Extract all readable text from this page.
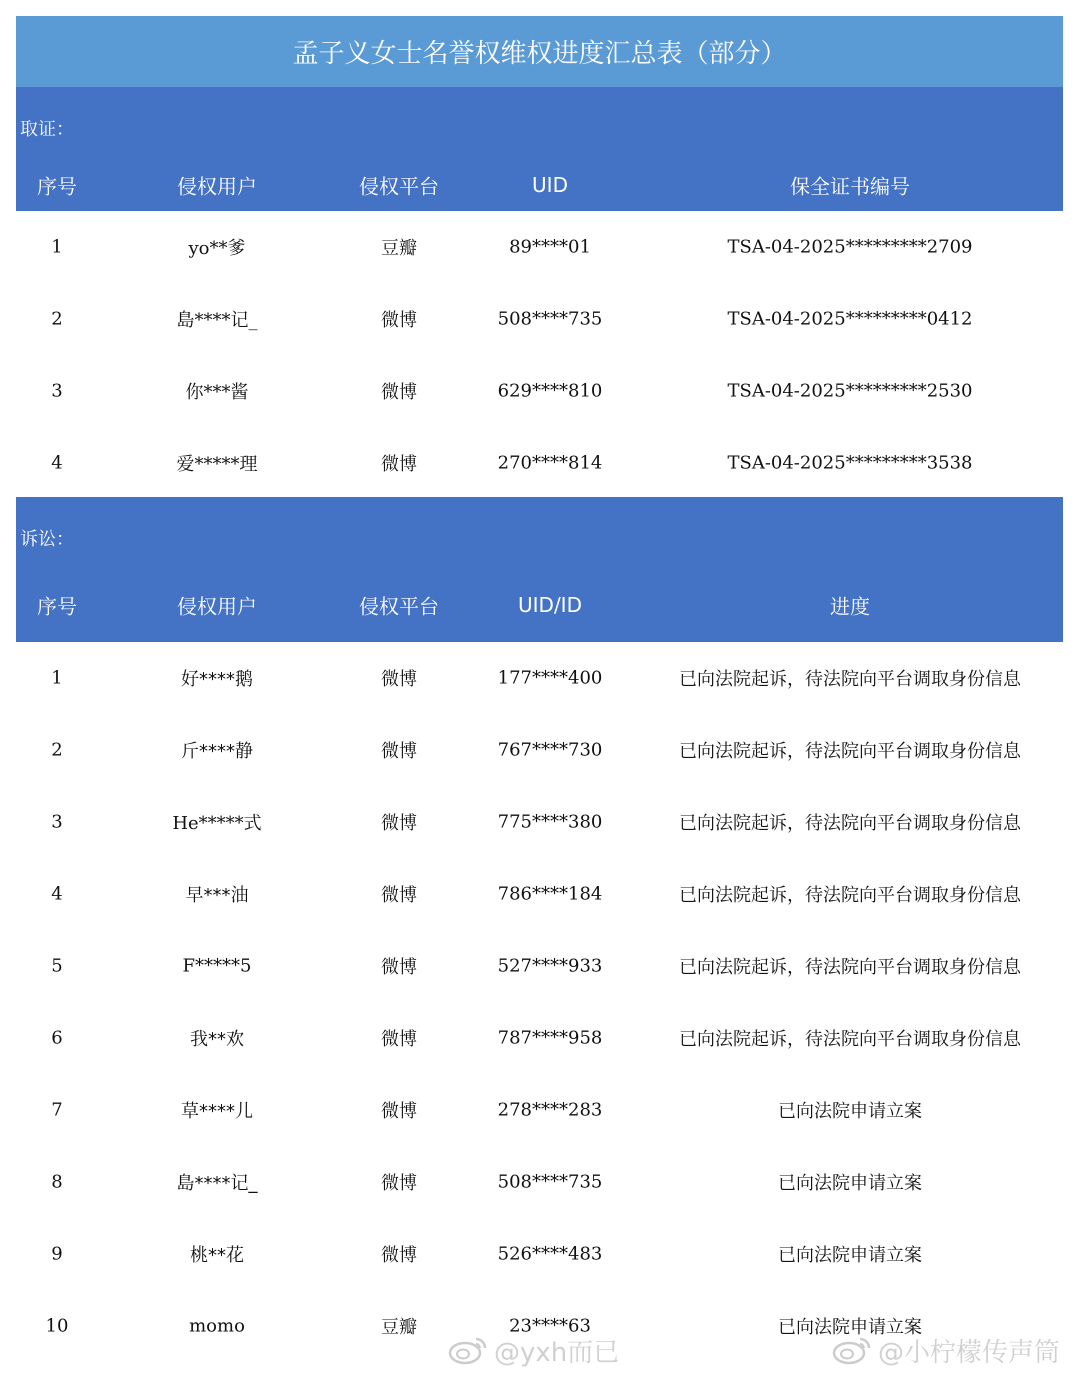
孟子义女士名誉权维权进度汇总表（部分）
取证：
序号	侵权用户	侵权平台	UID	保全证书编号
1	yo**爹	豆瓣	89****01	TSA-04-2025*********2709
2	島****记_	微博	508****735	TSA-04-2025*********0412
3	你***酱	微博	629****810	TSA-04-2025*********2530
4	爱*****理	微博	270****814	TSA-04-2025*********3538
诉讼：
序号	侵权用户	侵权平台	UID/ID	进度
1	好****鹅	微博	177****400	已向法院起诉，待法院向平台调取身份信息
2	斤****静	微博	767****730	已向法院起诉，待法院向平台调取身份信息
3	He*****式	微博	775****380	已向法院起诉，待法院向平台调取身份信息
4	早***油	微博	786****184	已向法院起诉，待法院向平台调取身份信息
5	F*****5	微博	527****933	已向法院起诉，待法院向平台调取身份信息
6	我**欢	微博	787****958	已向法院起诉，待法院向平台调取身份信息
7	草****儿	微博	278****283	已向法院申请立案
8	島****记_	微博	508****735	已向法院申请立案
9	桃**花	微博	526****483	已向法院申请立案
10	momo	豆瓣	23****63	已向法院申请立案
@yxh而已	@小柠檬传声筒
